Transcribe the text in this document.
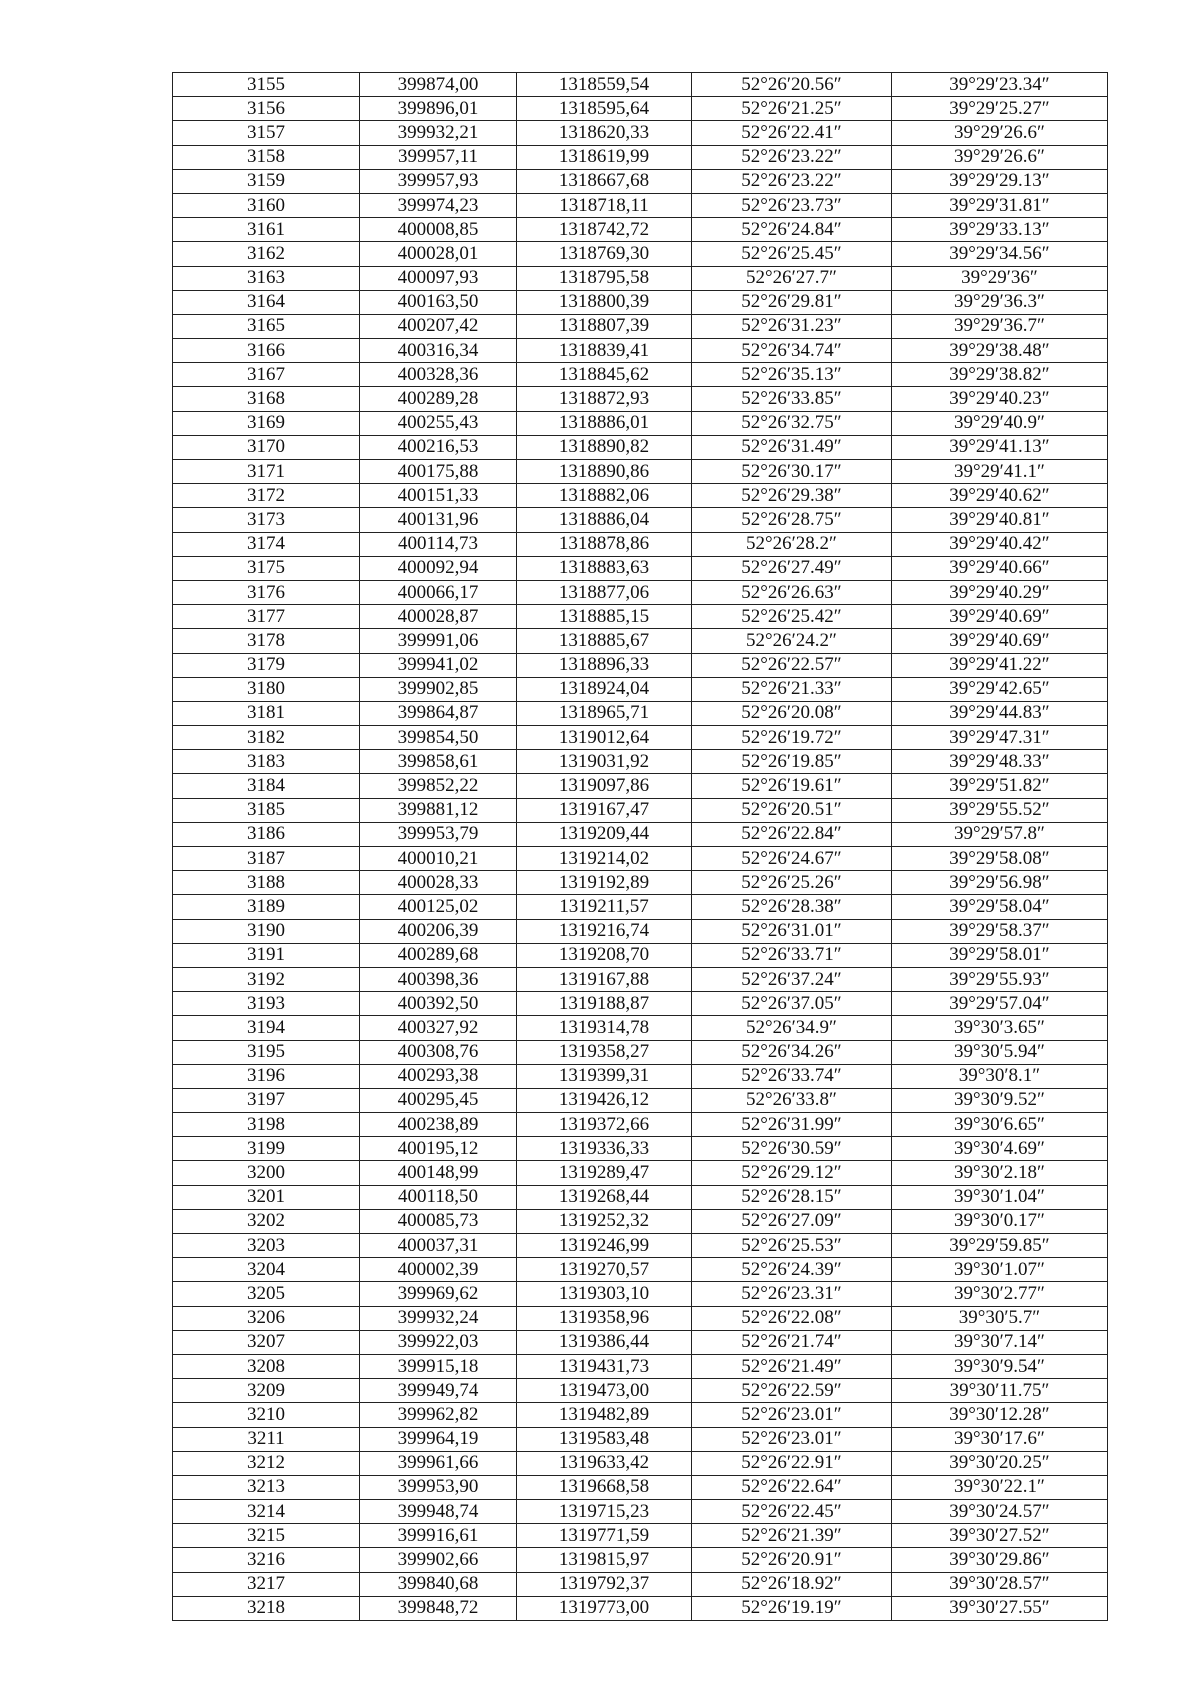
3155	399874,00	1318559,54	52°26′20.56″	39°29′23.34″
3156	399896,01	1318595,64	52°26′21.25″	39°29′25.27″
3157	399932,21	1318620,33	52°26′22.41″	39°29′26.6″
3158	399957,11	1318619,99	52°26′23.22″	39°29′26.6″
3159	399957,93	1318667,68	52°26′23.22″	39°29′29.13″
3160	399974,23	1318718,11	52°26′23.73″	39°29′31.81″
3161	400008,85	1318742,72	52°26′24.84″	39°29′33.13″
3162	400028,01	1318769,30	52°26′25.45″	39°29′34.56″
3163	400097,93	1318795,58	52°26′27.7″	39°29′36″
3164	400163,50	1318800,39	52°26′29.81″	39°29′36.3″
3165	400207,42	1318807,39	52°26′31.23″	39°29′36.7″
3166	400316,34	1318839,41	52°26′34.74″	39°29′38.48″
3167	400328,36	1318845,62	52°26′35.13″	39°29′38.82″
3168	400289,28	1318872,93	52°26′33.85″	39°29′40.23″
3169	400255,43	1318886,01	52°26′32.75″	39°29′40.9″
3170	400216,53	1318890,82	52°26′31.49″	39°29′41.13″
3171	400175,88	1318890,86	52°26′30.17″	39°29′41.1″
3172	400151,33	1318882,06	52°26′29.38″	39°29′40.62″
3173	400131,96	1318886,04	52°26′28.75″	39°29′40.81″
3174	400114,73	1318878,86	52°26′28.2″	39°29′40.42″
3175	400092,94	1318883,63	52°26′27.49″	39°29′40.66″
3176	400066,17	1318877,06	52°26′26.63″	39°29′40.29″
3177	400028,87	1318885,15	52°26′25.42″	39°29′40.69″
3178	399991,06	1318885,67	52°26′24.2″	39°29′40.69″
3179	399941,02	1318896,33	52°26′22.57″	39°29′41.22″
3180	399902,85	1318924,04	52°26′21.33″	39°29′42.65″
3181	399864,87	1318965,71	52°26′20.08″	39°29′44.83″
3182	399854,50	1319012,64	52°26′19.72″	39°29′47.31″
3183	399858,61	1319031,92	52°26′19.85″	39°29′48.33″
3184	399852,22	1319097,86	52°26′19.61″	39°29′51.82″
3185	399881,12	1319167,47	52°26′20.51″	39°29′55.52″
3186	399953,79	1319209,44	52°26′22.84″	39°29′57.8″
3187	400010,21	1319214,02	52°26′24.67″	39°29′58.08″
3188	400028,33	1319192,89	52°26′25.26″	39°29′56.98″
3189	400125,02	1319211,57	52°26′28.38″	39°29′58.04″
3190	400206,39	1319216,74	52°26′31.01″	39°29′58.37″
3191	400289,68	1319208,70	52°26′33.71″	39°29′58.01″
3192	400398,36	1319167,88	52°26′37.24″	39°29′55.93″
3193	400392,50	1319188,87	52°26′37.05″	39°29′57.04″
3194	400327,92	1319314,78	52°26′34.9″	39°30′3.65″
3195	400308,76	1319358,27	52°26′34.26″	39°30′5.94″
3196	400293,38	1319399,31	52°26′33.74″	39°30′8.1″
3197	400295,45	1319426,12	52°26′33.8″	39°30′9.52″
3198	400238,89	1319372,66	52°26′31.99″	39°30′6.65″
3199	400195,12	1319336,33	52°26′30.59″	39°30′4.69″
3200	400148,99	1319289,47	52°26′29.12″	39°30′2.18″
3201	400118,50	1319268,44	52°26′28.15″	39°30′1.04″
3202	400085,73	1319252,32	52°26′27.09″	39°30′0.17″
3203	400037,31	1319246,99	52°26′25.53″	39°29′59.85″
3204	400002,39	1319270,57	52°26′24.39″	39°30′1.07″
3205	399969,62	1319303,10	52°26′23.31″	39°30′2.77″
3206	399932,24	1319358,96	52°26′22.08″	39°30′5.7″
3207	399922,03	1319386,44	52°26′21.74″	39°30′7.14″
3208	399915,18	1319431,73	52°26′21.49″	39°30′9.54″
3209	399949,74	1319473,00	52°26′22.59″	39°30′11.75″
3210	399962,82	1319482,89	52°26′23.01″	39°30′12.28″
3211	399964,19	1319583,48	52°26′23.01″	39°30′17.6″
3212	399961,66	1319633,42	52°26′22.91″	39°30′20.25″
3213	399953,90	1319668,58	52°26′22.64″	39°30′22.1″
3214	399948,74	1319715,23	52°26′22.45″	39°30′24.57″
3215	399916,61	1319771,59	52°26′21.39″	39°30′27.52″
3216	399902,66	1319815,97	52°26′20.91″	39°30′29.86″
3217	399840,68	1319792,37	52°26′18.92″	39°30′28.57″
3218	399848,72	1319773,00	52°26′19.19″	39°30′27.55″
